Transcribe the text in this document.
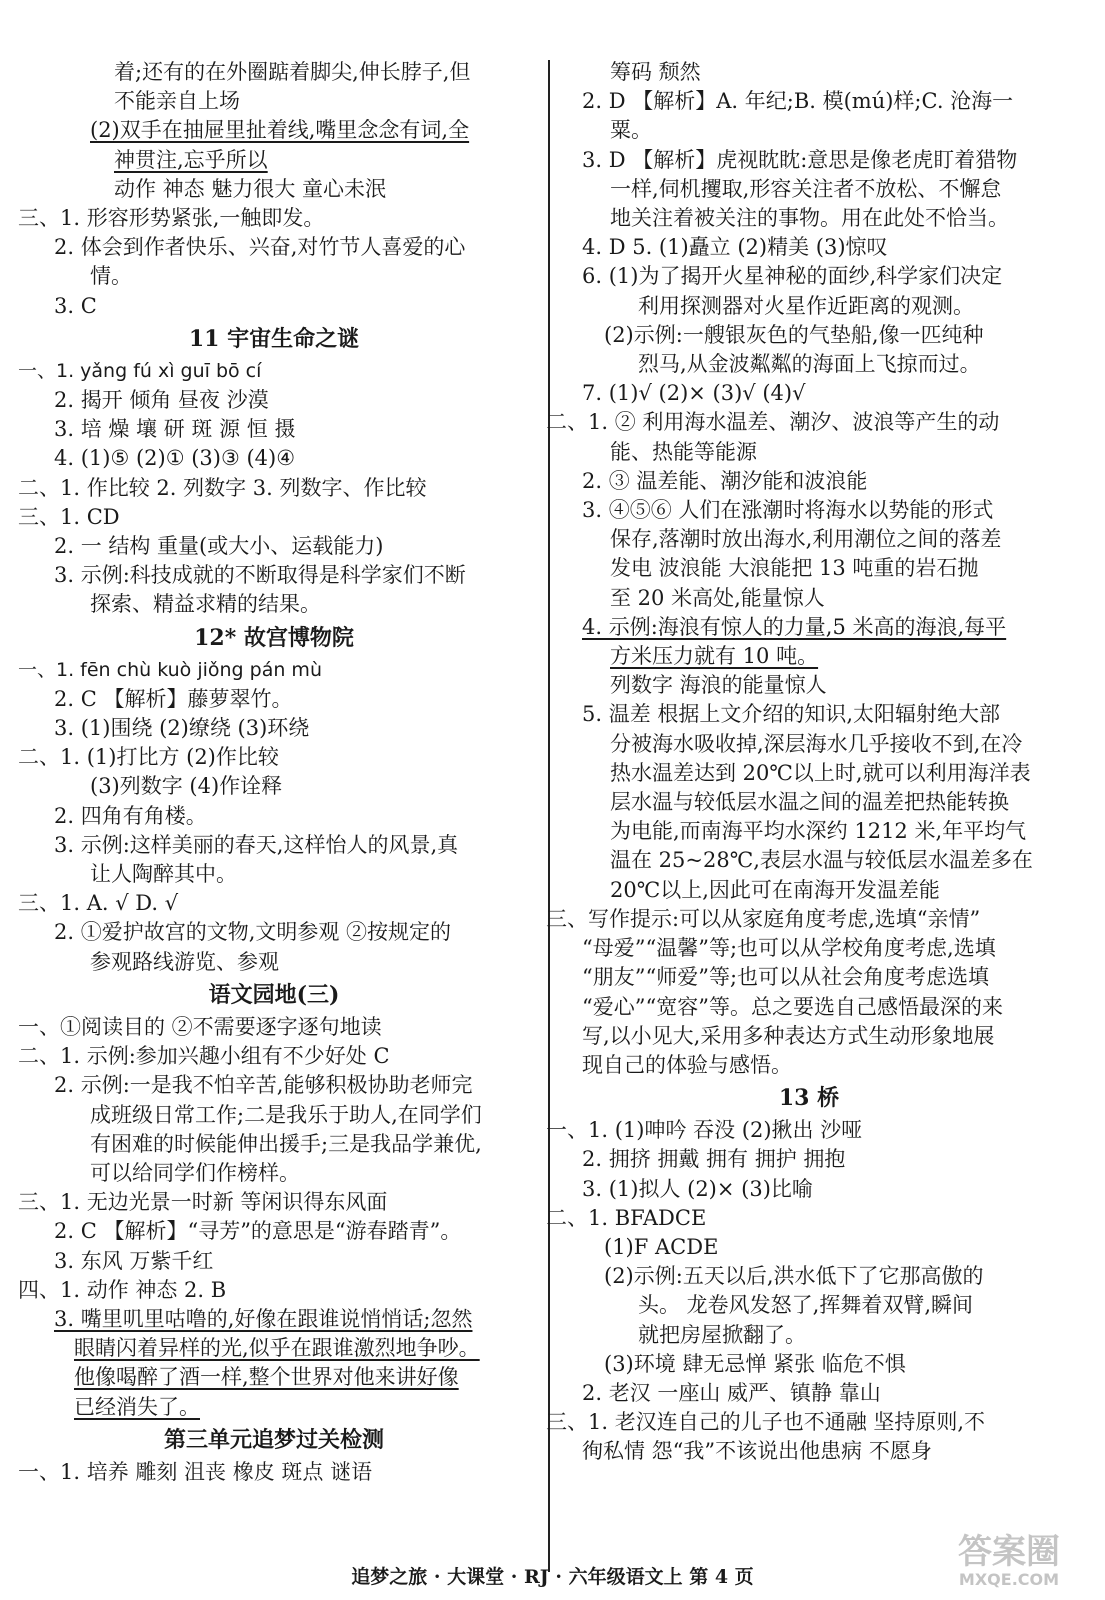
着;还有的在外圈踮着脚尖,伸长脖子,但
不能亲自上场
(2)双手在抽屉里扯着线,嘴里念念有词,全
神贯注,忘乎所以
动作 神态 魅力很大 童心未泯
三、1. 形容形势紧张,一触即发。
2. 体会到作者快乐、兴奋,对竹节人喜爱的心
情。
3. C
11 宇宙生命之谜
一、1. yǎng fú xì guī bō cí
2. 揭开 倾角 昼夜 沙漠
3. 培 燥 壤 研 斑 源 恒 摄
4. (1)⑤ (2)① (3)③ (4)④
二、1. 作比较 2. 列数字 3. 列数字、作比较
三、1. CD
2. 一 结构 重量(或大小、运载能力)
3. 示例:科技成就的不断取得是科学家们不断
探索、精益求精的结果。
12* 故宫博物院
一、1. fēn chù kuò jiǒng pán mù
2. C 【解析】藤萝翠竹。
3. (1)围绕 (2)缭绕 (3)环绕
二、1. (1)打比方 (2)作比较
(3)列数字 (4)作诠释
2. 四角有角楼。
3. 示例:这样美丽的春天,这样怡人的风景,真
让人陶醉其中。
三、1. A. √ D. √
2. ①爱护故宫的文物,文明参观 ②按规定的
参观路线游览、参观
语文园地(三)
一、①阅读目的 ②不需要逐字逐句地读
二、1. 示例:参加兴趣小组有不少好处 C
2. 示例:一是我不怕辛苦,能够积极协助老师完
成班级日常工作;二是我乐于助人,在同学们
有困难的时候能伸出援手;三是我品学兼优,
可以给同学们作榜样。
三、1. 无边光景一时新 等闲识得东风面
2. C 【解析】“寻芳”的意思是“游春踏青”。
3. 东风 万紫千红
四、1. 动作 神态 2. B
3. 嘴里叽里咕噜的,好像在跟谁说悄悄话;忽然
眼睛闪着异样的光,似乎在跟谁激烈地争吵。
他像喝醉了酒一样,整个世界对他来讲好像
已经消失了。
第三单元追梦过关检测
一、1. 培养 雕刻 沮丧 橡皮 斑点 谜语
筹码 颓然
2. D 【解析】A. 年纪;B. 模(mú)样;C. 沧海一
粟。
3. D 【解析】虎视眈眈:意思是像老虎盯着猎物
一样,伺机攫取,形容关注者不放松、不懈怠
地关注着被关注的事物。用在此处不恰当。
4. D 5. (1)矗立 (2)精美 (3)惊叹
6. (1)为了揭开火星神秘的面纱,科学家们决定
利用探测器对火星作近距离的观测。
(2)示例:一艘银灰色的气垫船,像一匹纯种
烈马,从金波粼粼的海面上飞掠而过。
7. (1)√ (2)× (3)√ (4)√
二、1. ② 利用海水温差、潮汐、波浪等产生的动
能、热能等能源
2. ③ 温差能、潮汐能和波浪能
3. ④⑤⑥ 人们在涨潮时将海水以势能的形式
保存,落潮时放出海水,利用潮位之间的落差
发电 波浪能 大浪能把 13 吨重的岩石抛
至 20 米高处,能量惊人
4. 示例:海浪有惊人的力量,5 米高的海浪,每平
方米压力就有 10 吨。
列数字 海浪的能量惊人
5. 温差 根据上文介绍的知识,太阳辐射绝大部
分被海水吸收掉,深层海水几乎接收不到,在冷
热水温差达到 20℃以上时,就可以利用海洋表
层水温与较低层水温之间的温差把热能转换
为电能,而南海平均水深约 1212 米,年平均气
温在 25~28℃,表层水温与较低层水温差多在
20℃以上,因此可在南海开发温差能
三、写作提示:可以从家庭角度考虑,选填“亲情”
“母爱”“温馨”等;也可以从学校角度考虑,选填
“朋友”“师爱”等;也可以从社会角度考虑选填
“爱心”“宽容”等。总之要选自己感悟最深的来
写,以小见大,采用多种表达方式生动形象地展
现自己的体验与感悟。
13 桥
一、1. (1)呻吟 吞没 (2)揪出 沙哑
2. 拥挤 拥戴 拥有 拥护 拥抱
3. (1)拟人 (2)× (3)比喻
二、1. BFADCE
(1)F ACDE
(2)示例:五天以后,洪水低下了它那高傲的
头。 龙卷风发怒了,挥舞着双臂,瞬间
就把房屋掀翻了。
(3)环境 肆无忌惮 紧张 临危不惧
2. 老汉 一座山 威严、镇静 靠山
三、1. 老汉连自己的儿子也不通融 坚持原则,不
徇私情 怨“我”不该说出他患病 不愿身
追梦之旅 · 大课堂 · RJ · 六年级语文上 第 4 页
答案圈
MXQE.COM
